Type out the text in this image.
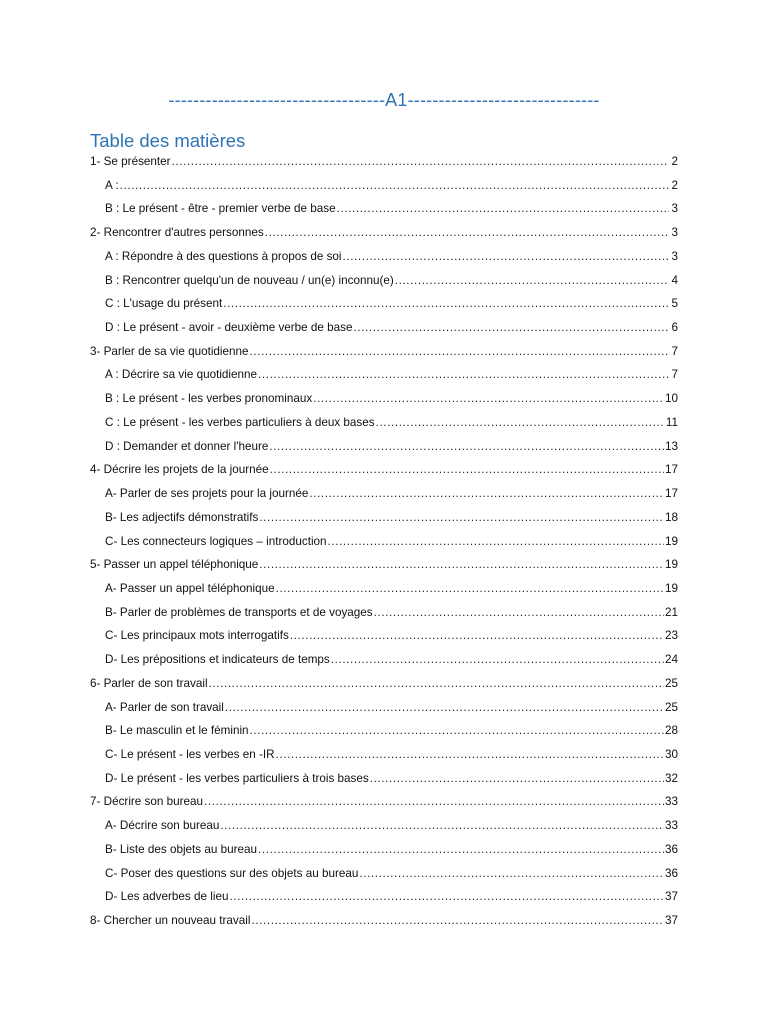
-----------------------------------A1-------------------------------
Table des matières
1- Se présenter .....	2
A : .....	2
B : Le présent - être - premier verbe de base .....	3
2- Rencontrer d'autres personnes .....	3
A : Répondre à des questions à propos de soi .....	3
B : Rencontrer quelqu'un de nouveau / un(e) inconnu(e) .....	4
C : L'usage du présent .....	5
D : Le présent - avoir - deuxième verbe de base .....	6
3- Parler de sa vie quotidienne .....	7
A : Décrire sa vie quotidienne .....	7
B : Le présent - les verbes pronominaux .....	10
C : Le présent - les verbes particuliers à deux bases .....	11
D : Demander et donner l'heure .....	13
4- Décrire les projets de la journée .....	17
A- Parler de ses projets pour la journée .....	17
B- Les adjectifs démonstratifs .....	18
C- Les connecteurs logiques – introduction .....	19
5- Passer un appel téléphonique .....	19
A- Passer un appel téléphonique .....	19
B- Parler de problèmes de transports et de voyages .....	21
C- Les principaux mots interrogatifs .....	23
D- Les prépositions et indicateurs de temps .....	24
6- Parler de son travail .....	25
A- Parler de son travail .....	25
B- Le masculin et le féminin .....	28
C- Le présent - les verbes en -IR .....	30
D- Le présent - les verbes particuliers à trois bases .....	32
7- Décrire son bureau .....	33
A- Décrire son bureau .....	33
B- Liste des objets au bureau .....	36
C- Poser des questions sur des objets au bureau .....	36
D- Les adverbes de lieu .....	37
8- Chercher un nouveau travail .....	37
